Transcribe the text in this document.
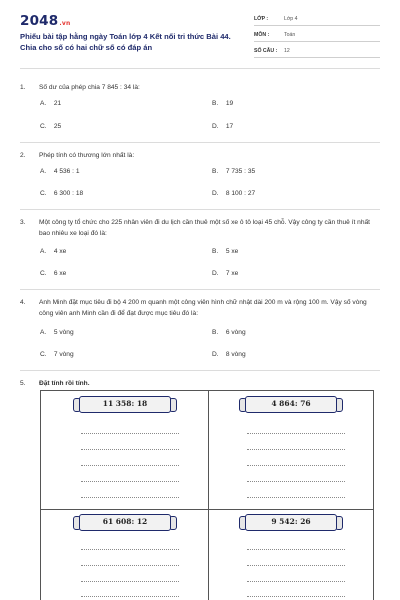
2048.vn
Phiếu bài tập hằng ngày Toán lớp 4 Kết nối tri thức Bài 44. Chia cho số có hai chữ số có đáp án
LỚP :	Lớp 4
MÔN :	Toán
SỐ CÂU : 12
1.	Số dư của phép chia 7 845 : 34 là:
A. 21	B. 19
C. 25	D. 17
2.	Phép tính có thương lớn nhất là:
A. 4 536 : 1	B. 7 735 : 35
C. 6 300 : 18	D. 8 100 : 27
3.	Một công ty tổ chức cho 225 nhân viên đi du lịch cần thuê một số xe ô tô loại 45 chỗ. Vậy công ty cần thuê ít nhất bao nhiêu xe loại đó là:
A. 4 xe	B. 5 xe
C. 6 xe	D. 7 xe
4.	Anh Minh đặt mục tiêu đi bộ 4 200 m quanh một công viên hình chữ nhật dài 200 m và rộng 100 m. Vậy số vòng công viên anh Minh cần đi để đạt được mục tiêu đó là:
A. 5 vòng	B. 6 vòng
C. 7 vòng	D. 8 vòng
5.	Đặt tính rồi tính.
11 358: 18	4 864: 76
61 608: 12	9 542: 26
